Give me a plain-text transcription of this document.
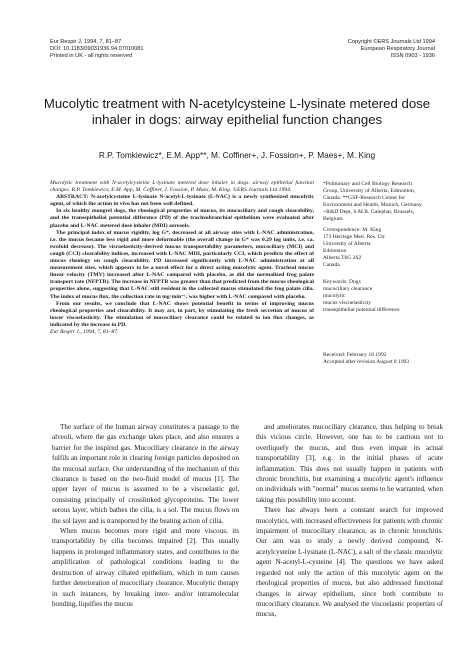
Eur Respir J, 1994, 7, 81–87
DOI: 10.1183/09031936.94.07010081
Printed in UK - all rights reserved
Copyright ©ERS Journals Ltd 1994
European Respiratory Journal
ISSN 0903 - 1936
Mucolytic treatment with N-acetylcysteine L-lysinate metered dose inhaler in dogs: airway epithelial function changes
R.P. Tomkiewicz*, E.M. App**, M. Coffiner+, J. Fossion+, P. Maes+, M. King

Mucolytic treatment with N-acetylcysteine L-lysinate metered dose inhaler in dogs: airway epithelial function changes. R.P. Tomkiewicz, E.M. App, M. Coffiner, J. Fossion, P. Maes, M. King. ©ERS Journals Ltd 1994.

ABSTRACT: N-acetylcysteine L-lysinate N-acetyl-L-lysinate (L-NAC) is a newly synthesized mucolytic agent, of which the action in vivo has not been well defined.

In six healthy mongrel dogs, the rheological properties of mucus, its mucociliary and cough clearability, and the transepithelial potential difference (PD) of the tracheobronchial epithelium were evaluated after placebo and L-NAC metered dose inhaler (MDI) aerosols.

The principal index of mucus rigidity, log G*, decreased at all airway sites with L-NAC administration, i.e. the mucus became less rigid and more deformable (the overall change in G* was 0.29 log units, i.e. ca. twofold decrease). The viscoelasticity-derived mucus transportability parameters, mucociliary (MCI) and cough (CCI) clearability indices, increased with L-NAC MDI, particularly CCI, which predicts the effect of mucus rheology on cough clearability. PD increased significantly with L-NAC administration at all measurement sites, which appears to be a novel effect for a direct acting mucolytic agent. Tracheal mucus linear velocity (TMV) increased after L-NAC compared with placebo, as did the normalized frog palate transport rate (NFPTR). The increase in NFPTR was greater than that predicted from the mucus rheological properties alone, suggesting that L-NAC still resident in the collected mucus stimulated the frog palate cilia. The index of mucus flux, the collection rate in mg·min⁻¹, was higher with L-NAC compared with placebo.

From our results, we conclude that L-NAC shows potential benefit in terms of improving mucus rheological properties and clearability. It may act, in part, by stimulating the fresh secretion of mucus of lower viscoelasticity. The stimulation of mucociliary clearance could be related to ion flux changes, as indicated by the increase in PD.

Eur Respir J., 1994, 7, 81–87.

*Pulmonary and Cell Biology Research
Group, University of Alberta, Edmonton,
Canada. **GSF-Research Center for
Environment and Health, Munich, Germany.
+R&D Dept, S.M.B. Galephar, Brussels,
Belgium.
Correspondence: M. King
173 Heritage Med. Res. Ctr.
University of Alberta
Edmonton
Alberta T6G 2S2
Canada
Keywords: Dogs
mucociliary clearance
mucolytic
mucus viscoelasticity
transepithelial potential difference
Received: February 18 1992
Accepted after revision August 8 1993

The surface of the human airway constitutes a passage to the alveoli, where the gas exchange takes place, and also ensures a barrier for the inspired gas. Mucociliary clearance in the airway fulfils an important role in clearing foreign particles deposited on the mucosal surface. Our understanding of the mechanism of this clearance is based on the two-fluid model of mucus [1]. The upper layer of mucus is assumed to be a viscoelastic gel, consisting principally of crosslinked glycoproteins. The lower serous layer, which bathes the cilia, is a sol. The mucus flows on the sol layer and is transported by the beating action of cilia.

When mucus becomes more rigid and more viscous, its transportability by cilia becomes impaired [2]. This usually happens in prolonged inflammatory states, and contributes to the amplification of pathological conditions leading to the destruction of airway ciliated epithelium, which in turn causes further deterioration of mucociliary clearance. Mucolytic therapy in such instances, by breaking inter- and/or intramolecular bonding, liquifies the mucus

and ameliorates mucociliary clearance, thus helping to break this vicious circle. However, one has to be cautious not to overliquefy the mucus, and thus even impair its actual transportability [3], e.g. in the initial phases of acute inflammation. This does not usually happen in patients with chronic bronchitis, but examining a mucolytic agent's influence on individuals with "normal" mucus seems to be warranted, when taking this possibility into account.

There has always been a constant search for improved mucolytics, with increased effectiveness for patients with chronic impairment of mucociliary clearance, as in chronic bronchitis. Our aim was to study a newly derived compound, N-acetylcysteine L-lysinate (L-NAC), a salt of the classic mucolytic agent N-acetyl-L-cysteine [4]. The questions we have asked regarded not only the action of this mucolytic agent on the rheological properties of mucus, but also addressed functional changes in airway epithelium, since both contribute to mucociliary clearance. We analysed the viscoelastic properties of mucus,
